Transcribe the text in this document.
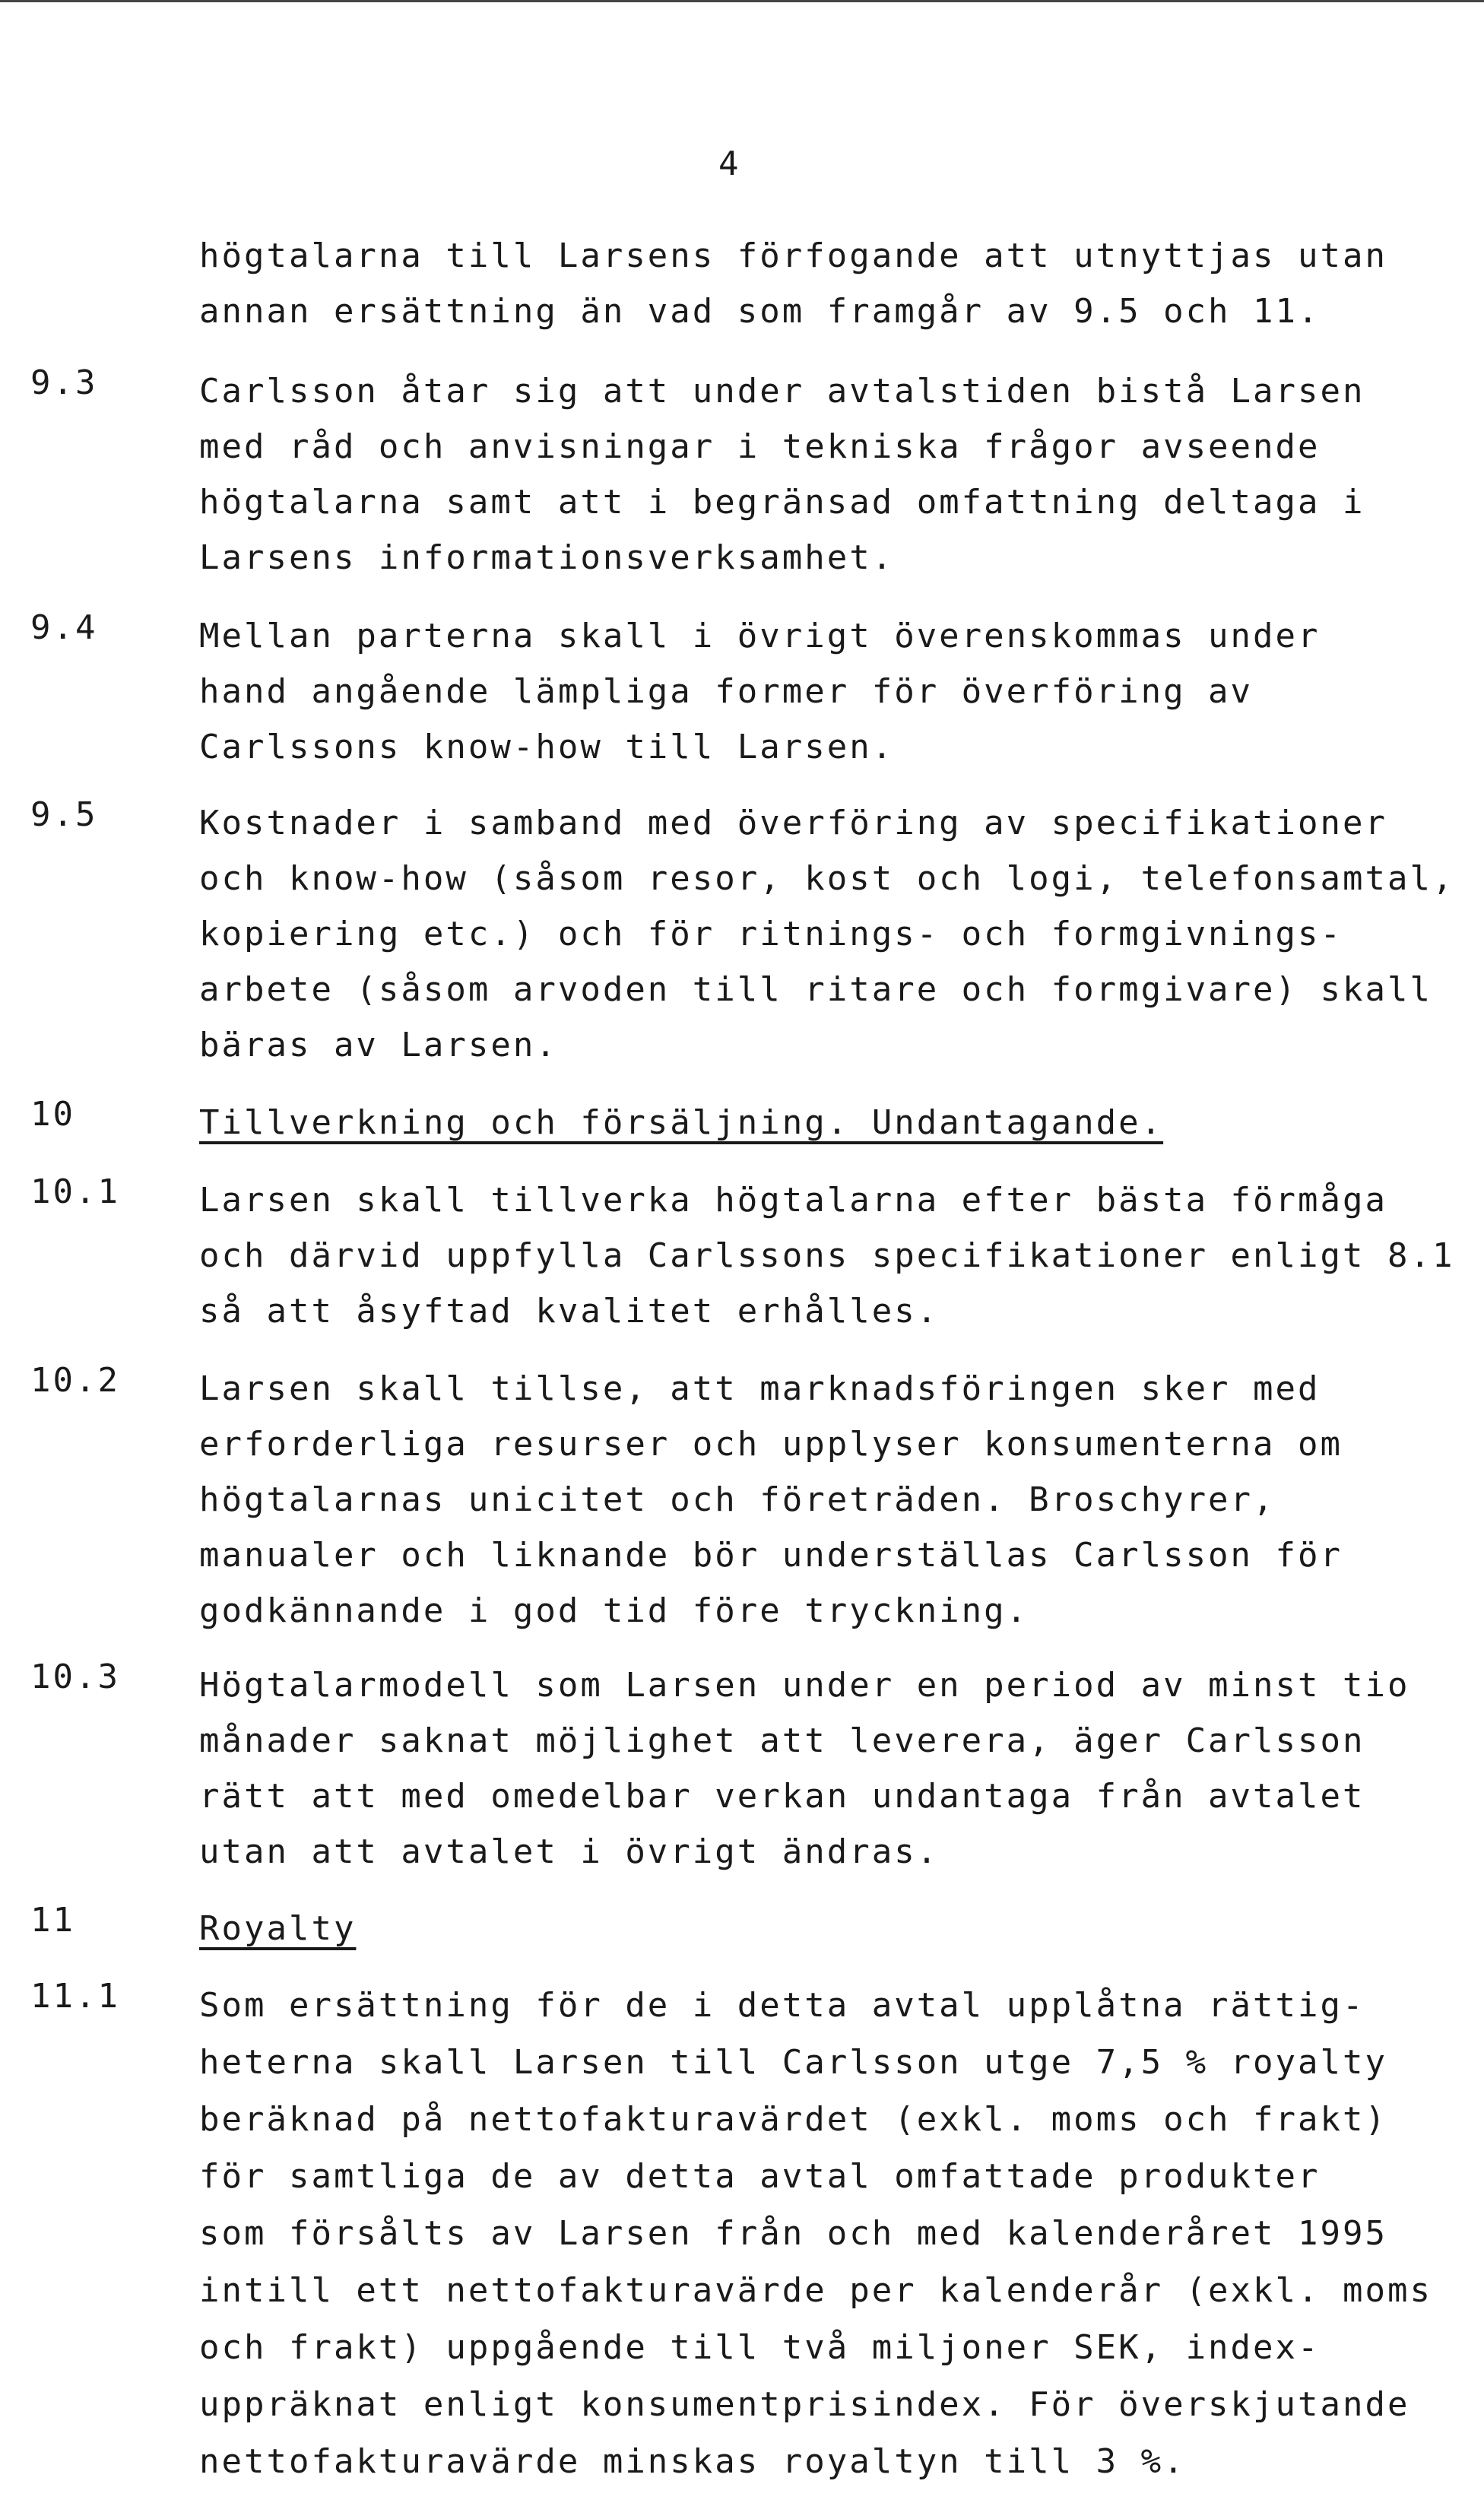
4
högtalarna till Larsens förfogande att utnyttjas utan
annan ersättning än vad som framgår av 9.5 och 11.
9.3	Carlsson åtar sig att under avtalstiden bistå Larsen
med råd och anvisningar i tekniska frågor avseende
högtalarna samt att i begränsad omfattning deltaga i
Larsens informationsverksamhet.
9.4	Mellan parterna skall i övrigt överenskommas under
hand angående lämpliga former för överföring av
Carlssons know-how till Larsen.
9.5	Kostnader i samband med överföring av specifikationer
och know-how (såsom resor, kost och logi, telefonsamtal,
kopiering etc.) och för ritnings- och formgivnings-
arbete (såsom arvoden till ritare och formgivare) skall
bäras av Larsen.
10	Tillverkning och försäljning. Undantagande.
10.1 Larsen skall tillverka högtalarna efter bästa förmåga
och därvid uppfylla Carlssons specifikationer enligt 8.1
så att åsyftad kvalitet erhålles.
10.2 Larsen skall tillse, att marknadsföringen sker med
erforderliga resurser och upplyser konsumenterna om
högtalarnas unicitet och företräden. Broschyrer,
manualer och liknande bör underställas Carlsson för
godkännande i god tid före tryckning.
10.3 Högtalarmodell som Larsen under en period av minst tio
månader saknat möjlighet att leverera, äger Carlsson
rätt att med omedelbar verkan undantaga från avtalet
utan att avtalet i övrigt ändras.
11	Royalty
11.1 Som ersättning för de i detta avtal upplåtna rättig-
heterna skall Larsen till Carlsson utge 7,5 % royalty
beräknad på nettofakturavärdet (exkl. moms och frakt)
för samtliga de av detta avtal omfattade produkter
som försålts av Larsen från och med kalenderåret 1995
intill ett nettofakturavärde per kalenderår (exkl. moms
och frakt) uppgående till två miljoner SEK, index-
uppräknat enligt konsumentprisindex. För överskjutande
nettofakturavärde minskas royaltyn till 3 %.
